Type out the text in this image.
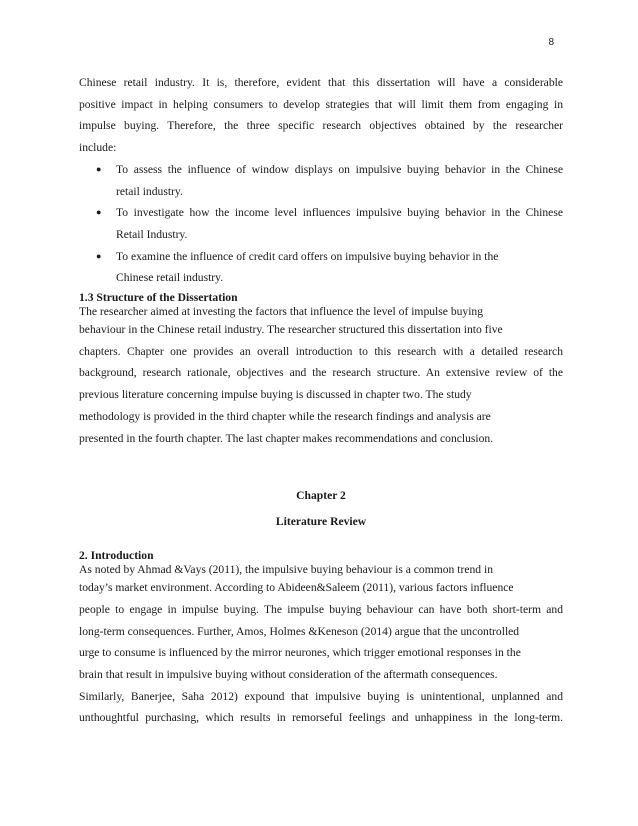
8
Chinese retail industry. It is, therefore, evident that this dissertation will have a considerable
positive impact in helping consumers to develop strategies that will limit them from engaging in
impulse buying. Therefore, the three specific research objectives obtained by the researcher
include:
● To assess the influence of window displays on impulsive buying behavior in the Chinese
retail industry.
● To investigate how the income level influences impulsive buying behavior in the Chinese
Retail Industry.
● To examine the influence of credit card offers on impulsive buying behavior in the
Chinese retail industry.
1.3 Structure of the Dissertation
The researcher aimed at investing the factors that influence the level of impulse buying
behaviour in the Chinese retail industry. The researcher structured this dissertation into five
chapters. Chapter one provides an overall introduction to this research with a detailed research
background, research rationale, objectives and the research structure. An extensive review of the
previous literature concerning impulse buying is discussed in chapter two. The study
methodology is provided in the third chapter while the research findings and analysis are
presented in the fourth chapter. The last chapter makes recommendations and conclusion.
Chapter 2
Literature Review
2. Introduction
As noted by Ahmad &Vays (2011), the impulsive buying behaviour is a common trend in
today’s market environment. According to Abideen&Saleem (2011), various factors influence
people to engage in impulse buying. The impulse buying behaviour can have both short-term and
long-term consequences. Further, Amos, Holmes &Keneson (2014) argue that the uncontrolled
urge to consume is influenced by the mirror neurones, which trigger emotional responses in the
brain that result in impulsive buying without consideration of the aftermath consequences.
Similarly, Banerjee, Saha 2012) expound that impulsive buying is unintentional, unplanned and
unthoughtful purchasing, which results in remorseful feelings and unhappiness in the long-term.
